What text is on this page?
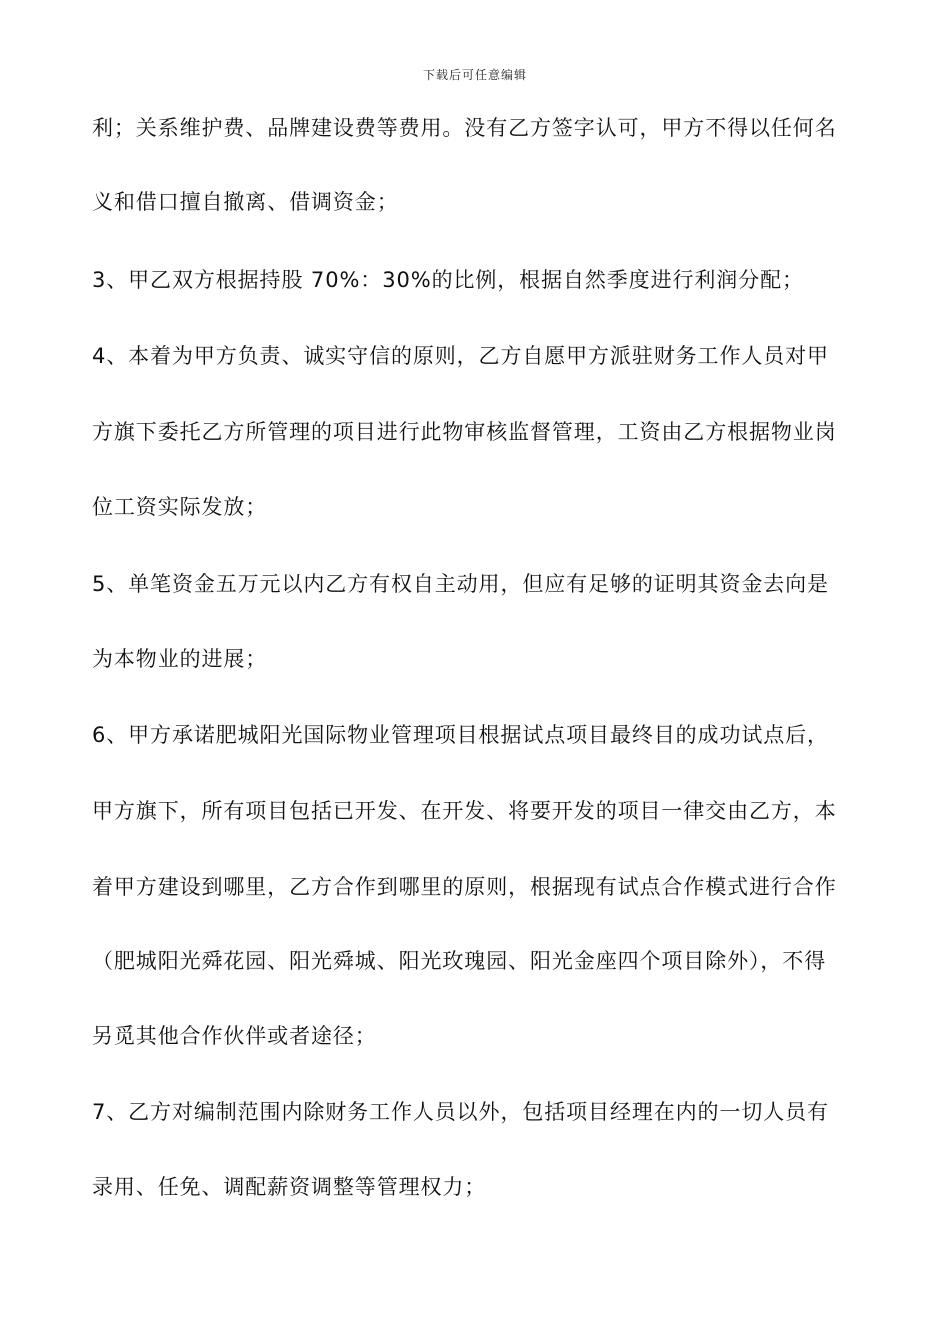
下载后可任意编辑
利；关系维护费、品牌建设费等费用。没有乙方签字认可，甲方不得以任何名
义和借口擅自撤离、借调资金；
3、甲乙双方根据持股 70%：30%的比例，根据自然季度进行利润分配；
4、本着为甲方负责、诚实守信的原则，乙方自愿甲方派驻财务工作人员对甲
方旗下委托乙方所管理的项目进行此物审核监督管理，工资由乙方根据物业岗
位工资实际发放；
5、单笔资金五万元以内乙方有权自主动用，但应有足够的证明其资金去向是
为本物业的进展；
6、甲方承诺肥城阳光国际物业管理项目根据试点项目最终目的成功试点后，
甲方旗下，所有项目包括已开发、在开发、将要开发的项目一律交由乙方，本
着甲方建设到哪里，乙方合作到哪里的原则，根据现有试点合作模式进行合作
（肥城阳光舜花园、阳光舜城、阳光玫瑰园、阳光金座四个项目除外），不得
另觅其他合作伙伴或者途径；
7、乙方对编制范围内除财务工作人员以外，包括项目经理在内的一切人员有
录用、任免、调配薪资调整等管理权力；
